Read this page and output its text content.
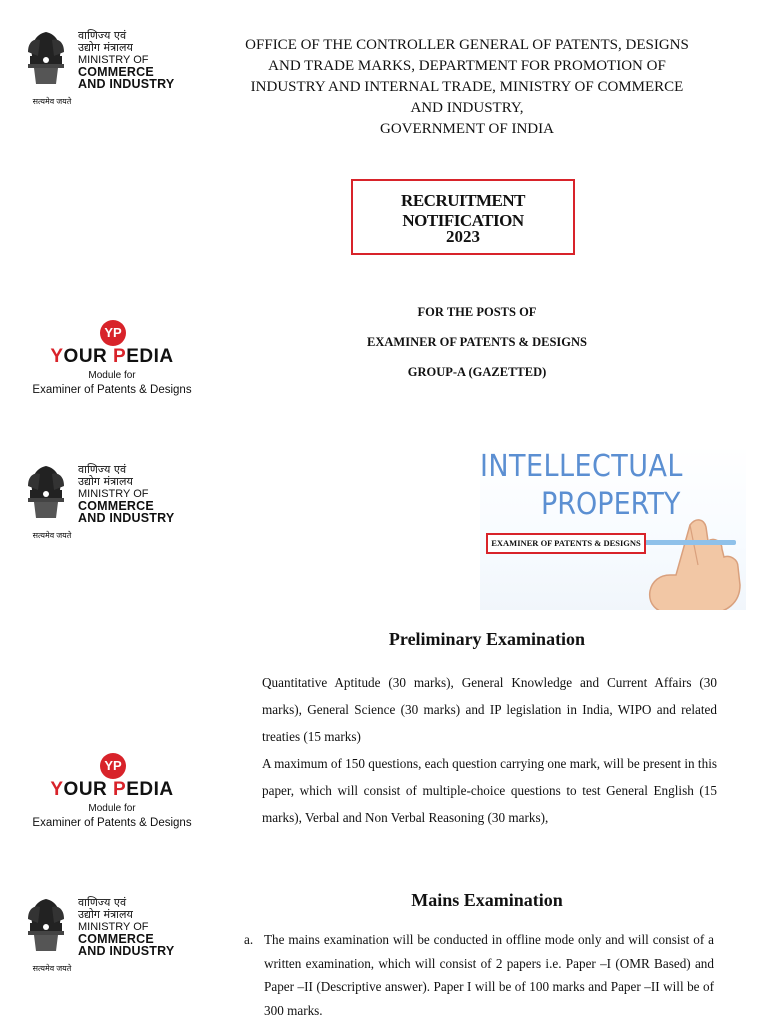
वाणिज्य एवं
उद्योग मंत्रालय
MINISTRY OF
COMMERCE
AND INDUSTRY
सत्यमेव जयते
OFFICE OF THE CONTROLLER GENERAL OF PATENTS, DESIGNS
AND TRADE MARKS, DEPARTMENT FOR PROMOTION OF
INDUSTRY AND INTERNAL TRADE, MINISTRY OF COMMERCE
AND INDUSTRY,
GOVERNMENT OF INDIA
RECRUITMENT NOTIFICATION
2023
YP
YOUR PEDIA
Module for
Examiner of Patents & Designs
FOR THE POSTS OF
EXAMINER OF PATENTS & DESIGNS
GROUP-A (GAZETTED)
वाणिज्य एवं
उद्योग मंत्रालय
MINISTRY OF
COMMERCE
AND INDUSTRY
सत्यमेव जयते
INTELLECTUAL
PROPERTY
EXAMINER OF PATENTS & DESIGNS
Preliminary Examination
Quantitative Aptitude (30 marks), General Knowledge and Current Affairs (30 marks), General Science (30 marks) and IP legislation in India, WIPO and related treaties (15 marks)
A maximum of 150 questions, each question carrying one mark, will be present in this paper, which will consist of multiple-choice questions to test General English (15 marks), Verbal and Non Verbal Reasoning (30 marks),
YP
YOUR PEDIA
Module for
Examiner of Patents & Designs
वाणिज्य एवं
उद्योग मंत्रालय
MINISTRY OF
COMMERCE
AND INDUSTRY
सत्यमेव जयते
Mains Examination
a. The mains examination will be conducted in offline mode only and will consist of a written examination, which will consist of 2 papers i.e. Paper –I (OMR Based) and Paper –II (Descriptive answer). Paper I will be of 100 marks and Paper –II will be of 300 marks.
